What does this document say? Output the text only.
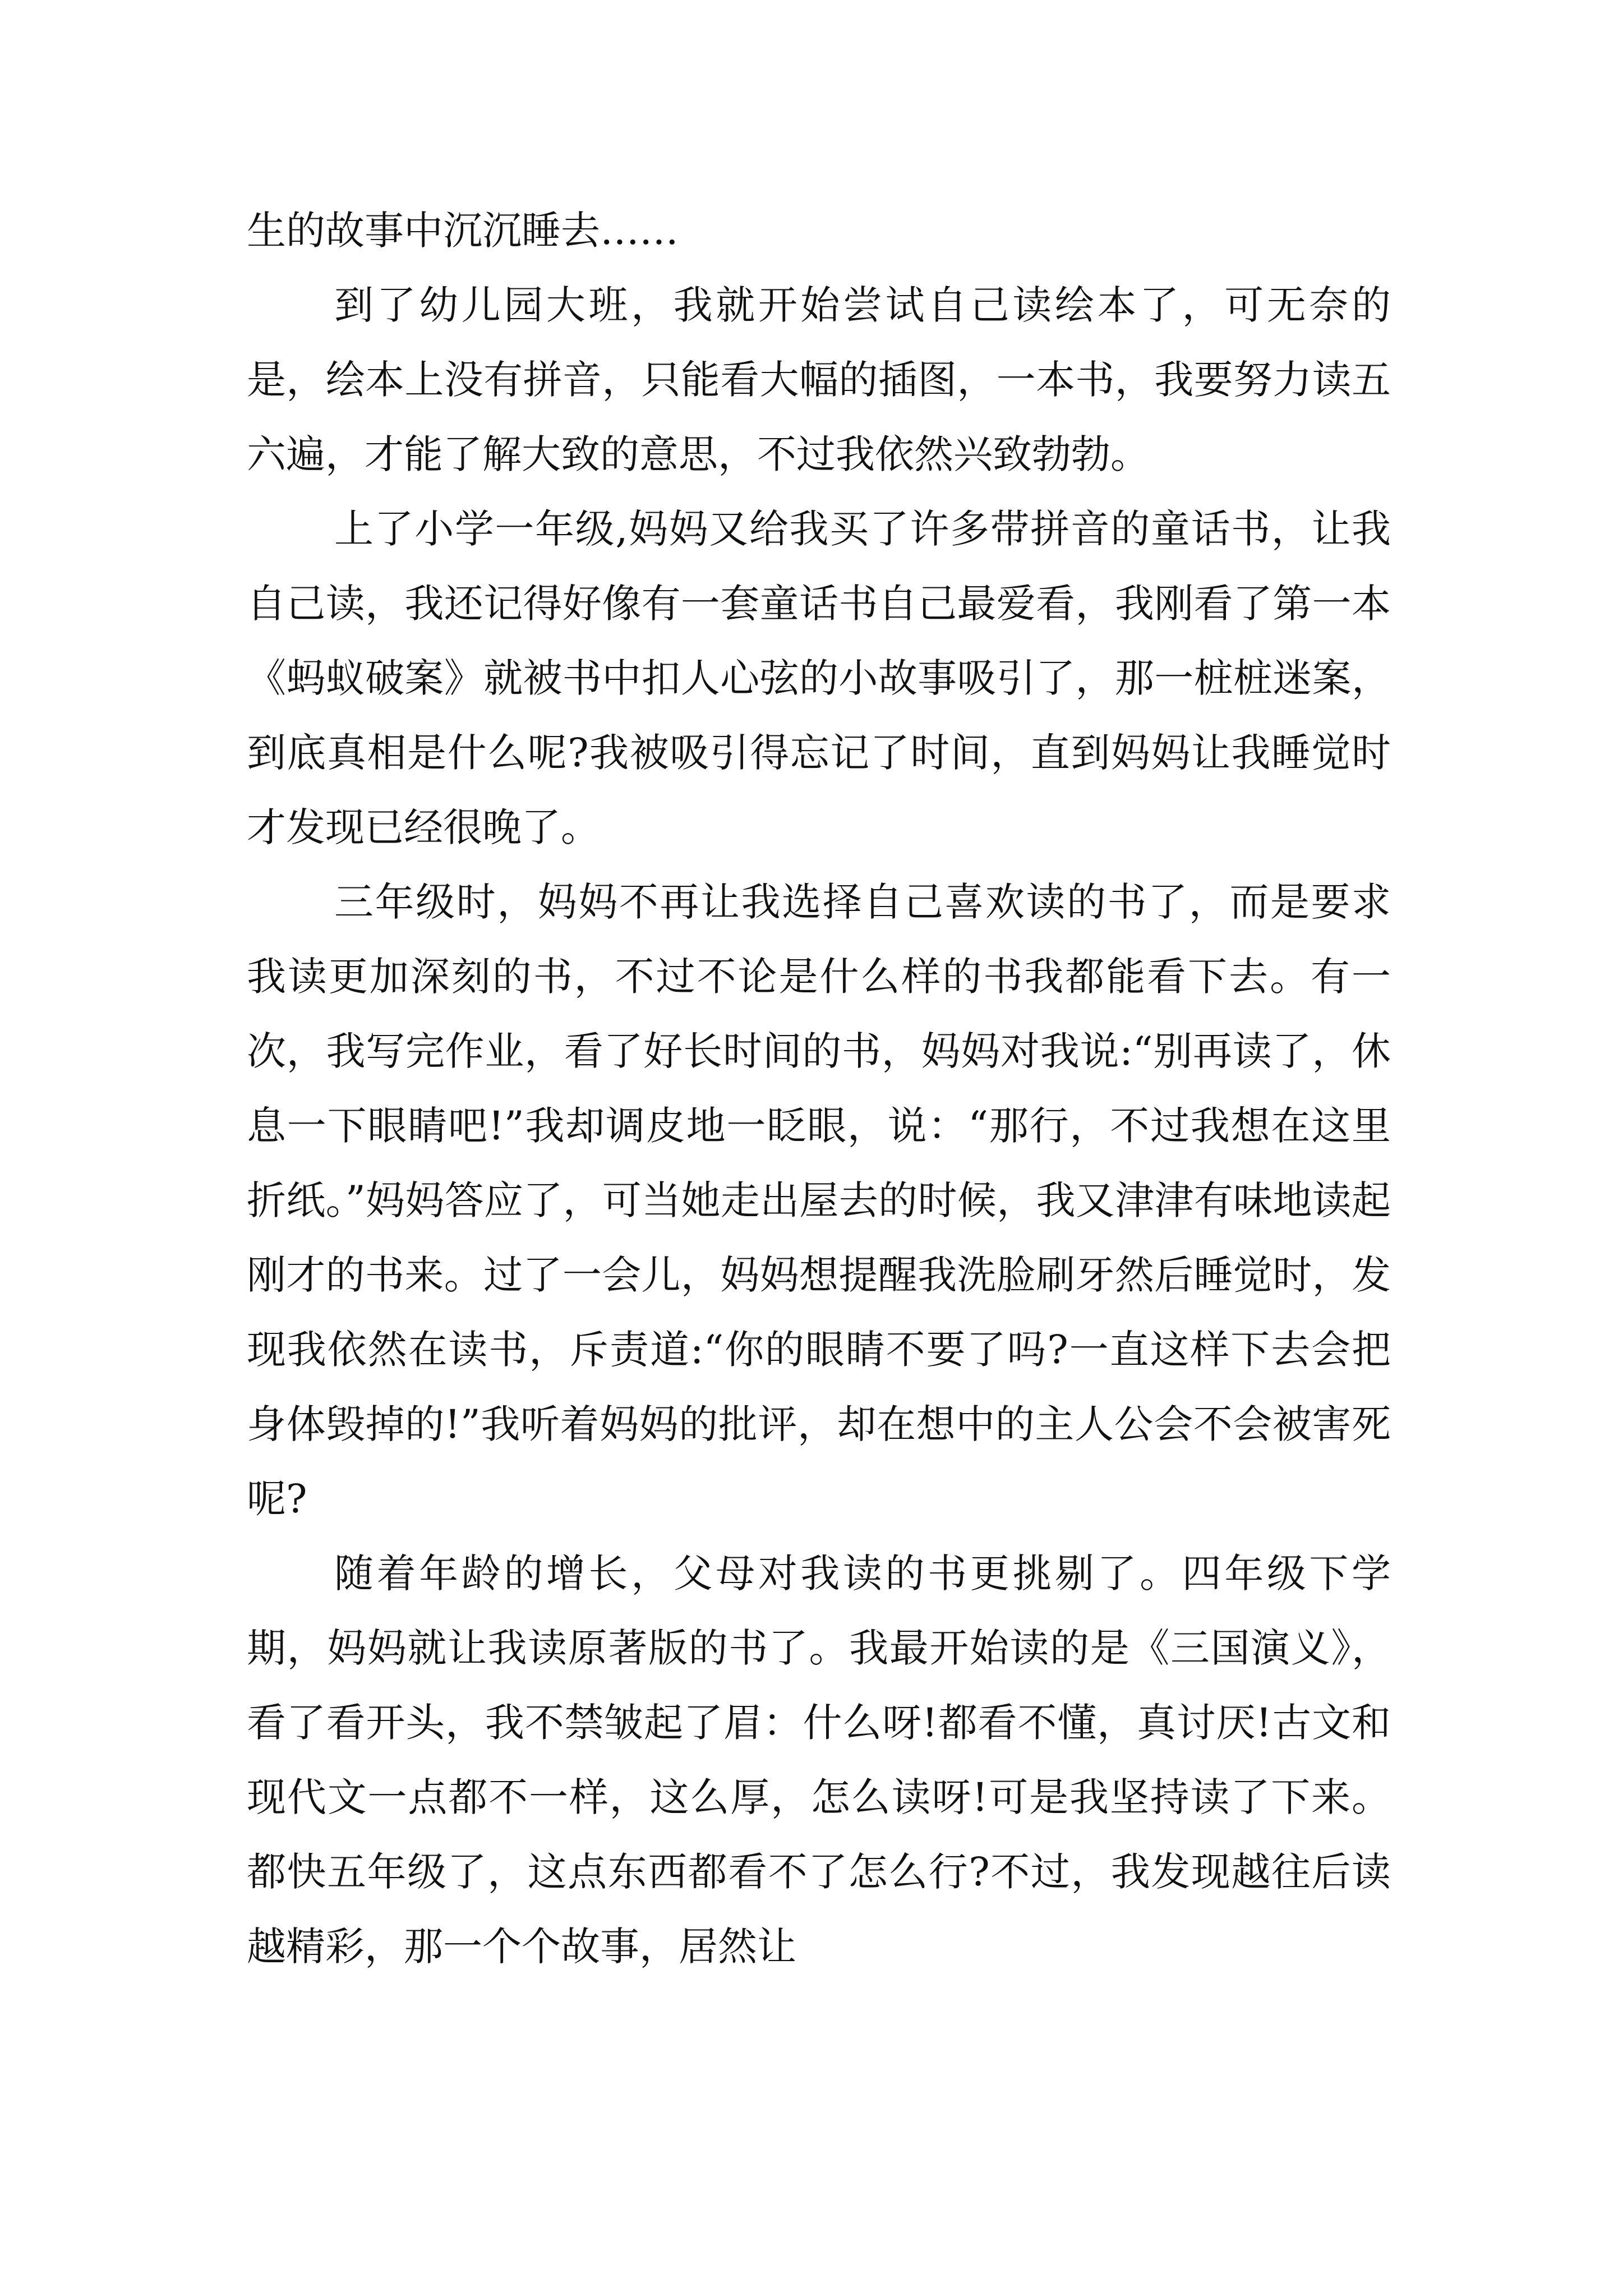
生的故事中沉沉睡去……

到了幼儿园大班，我就开始尝试自己读绘本了，可无奈的是，绘本上没有拼音，只能看大幅的插图，一本书，我要努力读五六遍，才能了解大致的意思，不过我依然兴致勃勃。

上了小学一年级,妈妈又给我买了许多带拼音的童话书，让我自己读，我还记得好像有一套童话书自己最爱看，我刚看了第一本《蚂蚁破案》就被书中扣人心弦的小故事吸引了，那一桩桩迷案，到底真相是什么呢?我被吸引得忘记了时间，直到妈妈让我睡觉时才发现已经很晚了。

三年级时，妈妈不再让我选择自己喜欢读的书了，而是要求我读更加深刻的书，不过不论是什么样的书我都能看下去。有一次，我写完作业，看了好长时间的书，妈妈对我说:“别再读了，休息一下眼睛吧!”我却调皮地一眨眼，说：“那行，不过我想在这里折纸。”妈妈答应了，可当她走出屋去的时候，我又津津有味地读起刚才的书来。过了一会儿，妈妈想提醒我洗脸刷牙然后睡觉时，发现我依然在读书，斥责道:“你的眼睛不要了吗?一直这样下去会把身体毁掉的!”我听着妈妈的批评，却在想中的主人公会不会被害死呢?

随着年龄的增长，父母对我读的书更挑剔了。四年级下学期，妈妈就让我读原著版的书了。我最开始读的是《三国演义》，看了看开头，我不禁皱起了眉：什么呀!都看不懂，真讨厌!古文和现代文一点都不一样，这么厚，怎么读呀!可是我坚持读了下来。都快五年级了，这点东西都看不了怎么行?不过，我发现越往后读越精彩，那一个个故事，居然让
